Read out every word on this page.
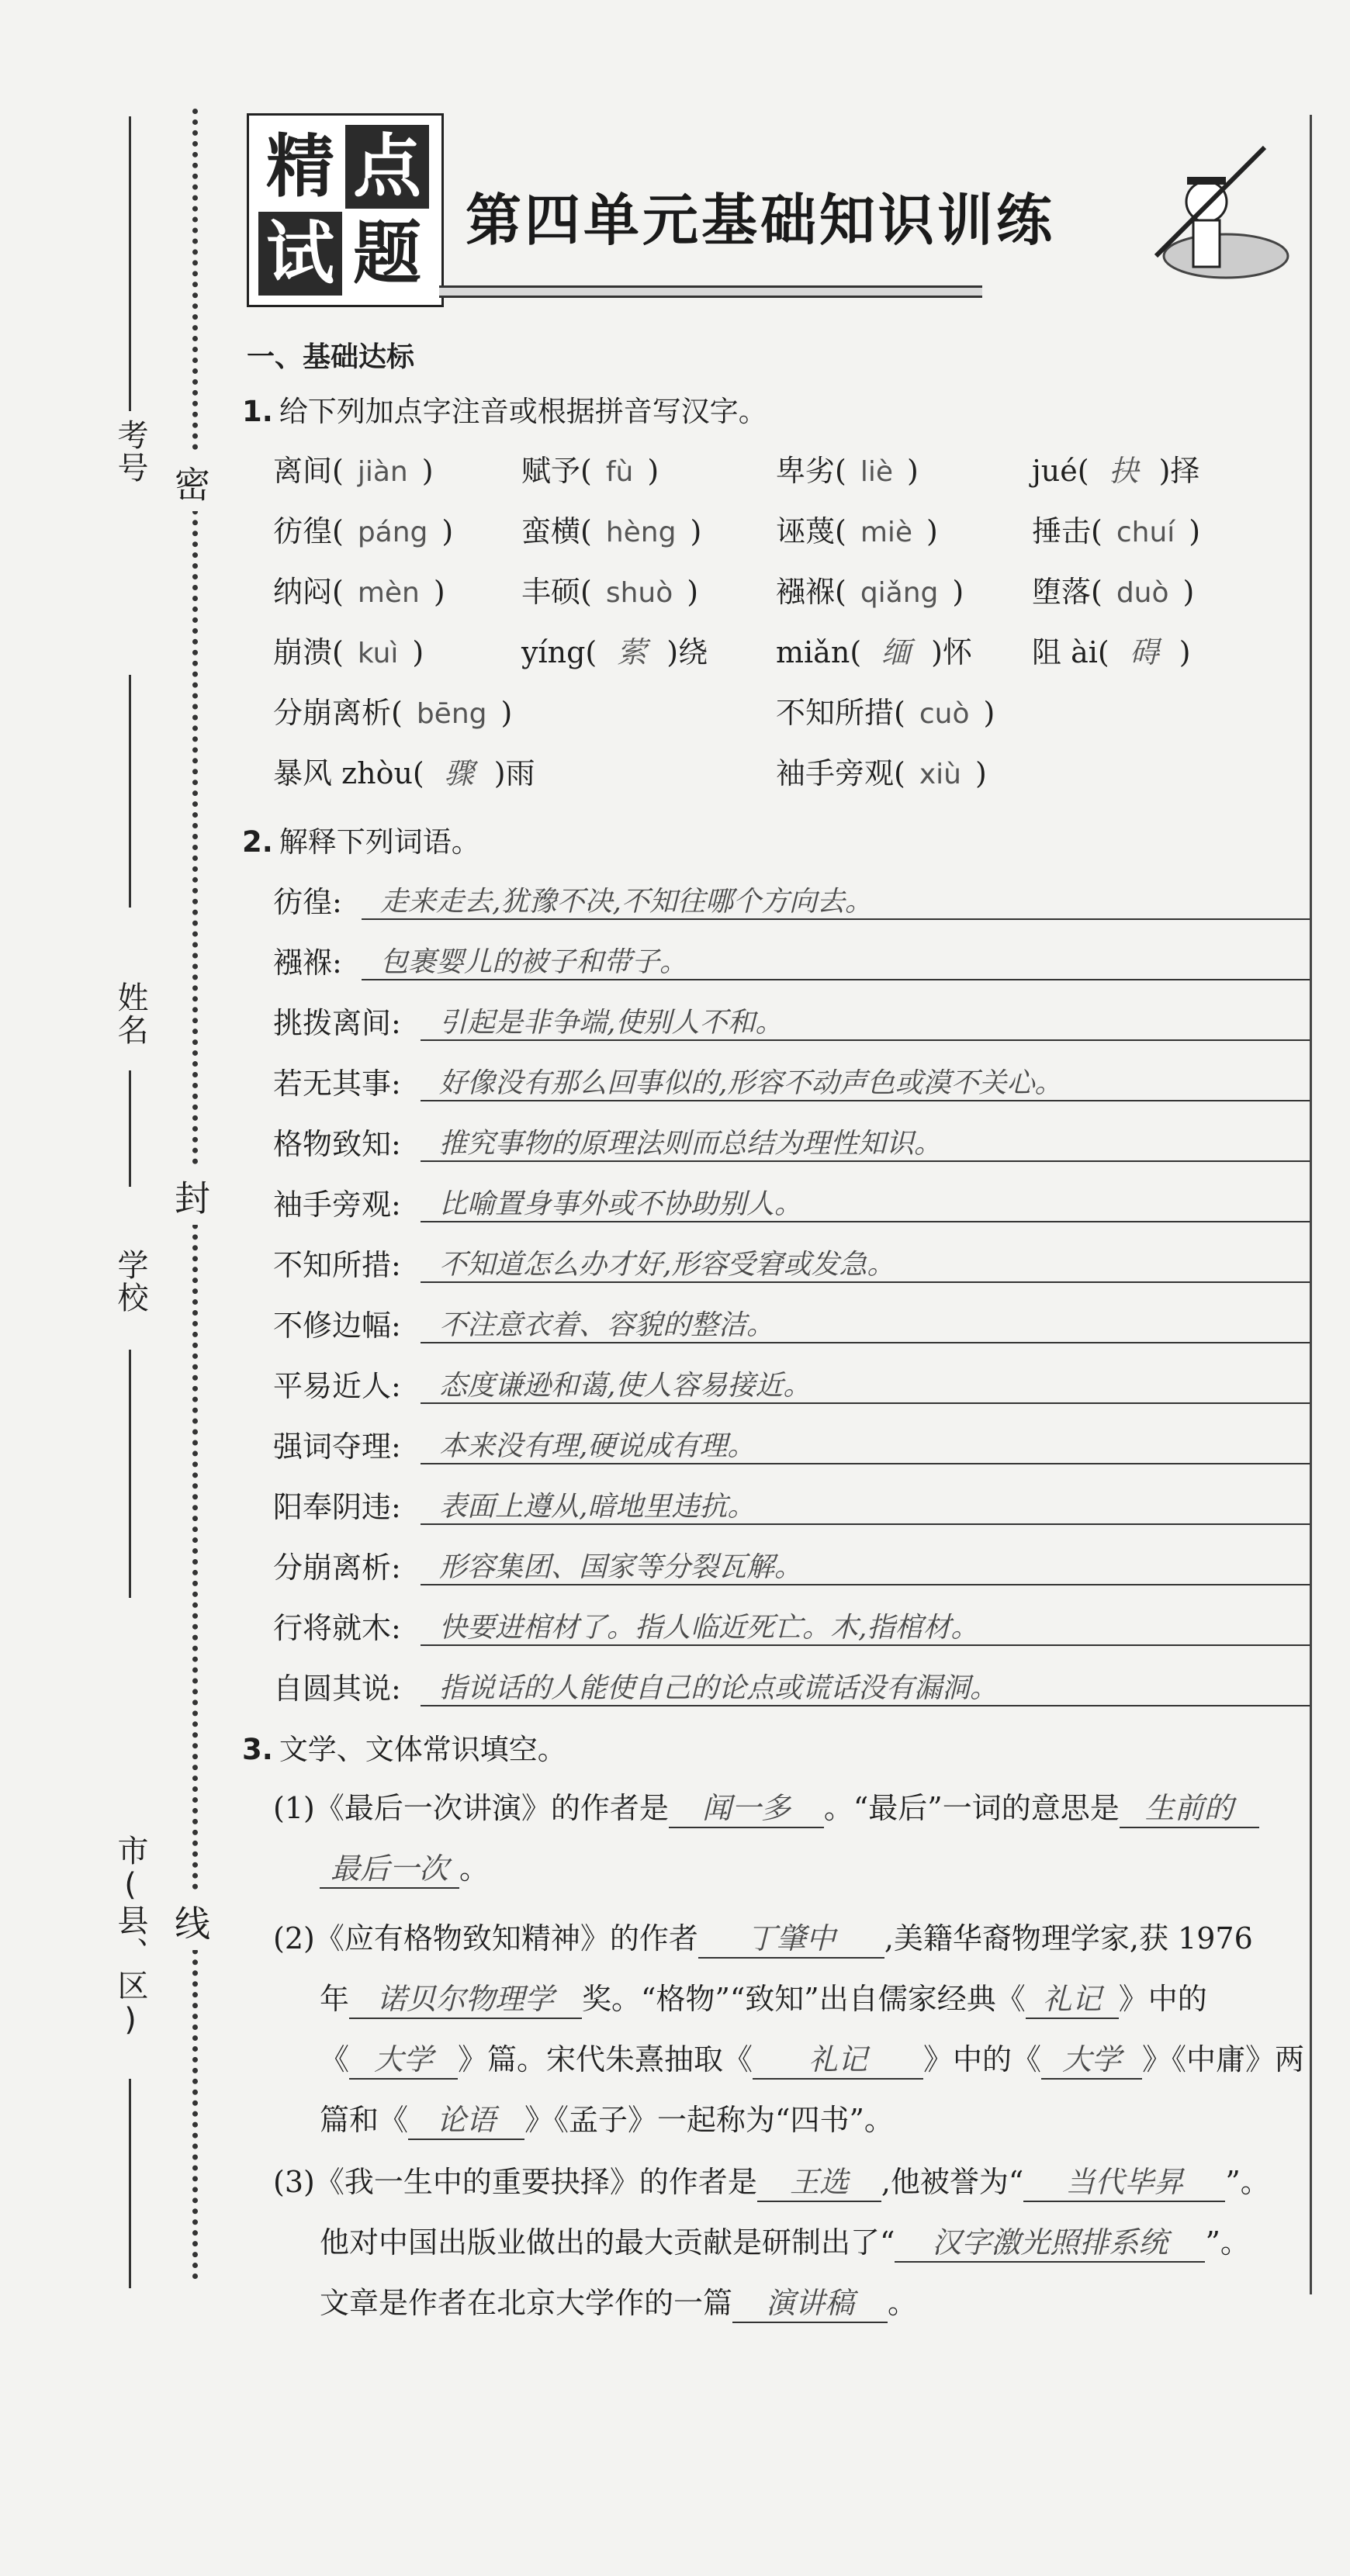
考号
姓名
学校
市(县、区)
密
封
线
精 点
试 题 第四单元基础知识训练
一、基础达标
1. 给下列加点字注音或根据拼音写汉字。
离间( jiàn )	赋予( fù )	卑劣( liè )	jué( 抉 )择
彷徨( páng ) 蛮横( hèng )	诬蔑( miè )	捶击( chuí )
纳闷( mèn )	丰硕( shuò )	襁褓( qiǎng ) 堕落( duò )
崩溃( kuì )	yíng( 萦 )绕 miǎn( 缅 )怀 阻 ài( 碍 )
分崩离析( bēng )	不知所措( cuò )
暴风 zhòu( 骤 )雨	袖手旁观( xiù )
2. 解释下列词语。
彷徨: 走来走去,犹豫不决,不知往哪个方向去。
襁褓: 包裹婴儿的被子和带子。
挑拨离间: 引起是非争端,使别人不和。
若无其事: 好像没有那么回事似的,形容不动声色或漠不关心。
格物致知: 推究事物的原理法则而总结为理性知识。
袖手旁观: 比喻置身事外或不协助别人。
不知所措: 不知道怎么办才好,形容受窘或发急。
不修边幅: 不注意衣着、容貌的整洁。
平易近人: 态度谦逊和蔼,使人容易接近。
强词夺理: 本来没有理,硬说成有理。
阳奉阴违: 表面上遵从,暗地里违抗。
分崩离析: 形容集团、国家等分裂瓦解。
行将就木: 快要进棺材了。指人临近死亡。木,指棺材。
自圆其说: 指说话的人能使自己的论点或谎话没有漏洞。
3. 文学、文体常识填空。
(1)《最后一次讲演》的作者是 闻一多 。“最后”一词的意思是 生前的
最后一次 。
(2)《应有格物致知精神》的作者 丁肇中 ,美籍华裔物理学家,获 1976
年 诺贝尔物理学 奖。“格物”“致知”出自儒家经典《 礼记 》中的
《 大学 》篇。宋代朱熹抽取《 礼记 》中的《 大学 》《中庸》两
篇和《 论语 》《孟子》一起称为“四书”。
(3)《我一生中的重要抉择》的作者是 王选 ,他被誉为“ 当代毕昇 ”。
他对中国出版业做出的最大贡献是研制出了“ 汉字激光照排系统 ”。
文章是作者在北京大学作的一篇 演讲稿 。
